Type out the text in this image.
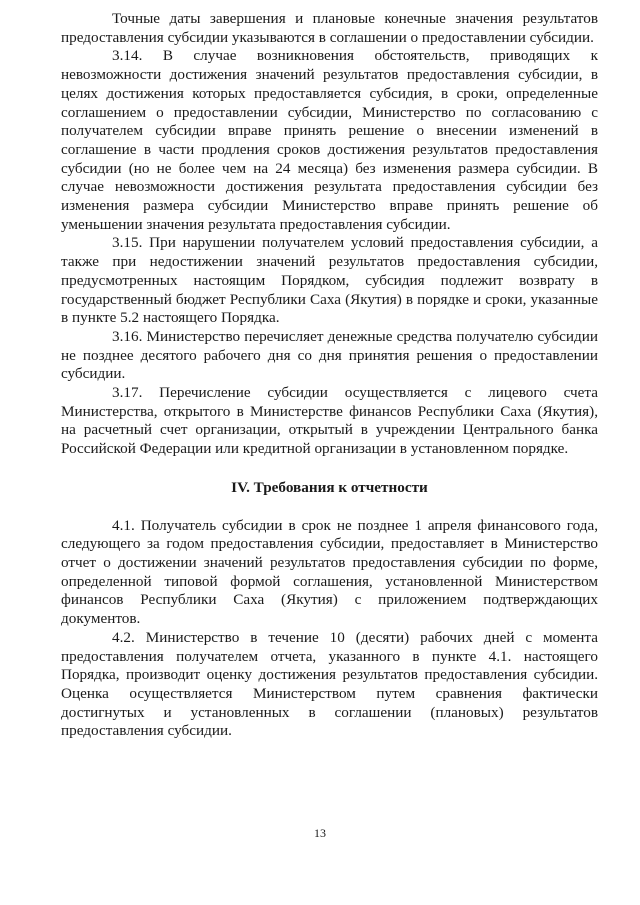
Точные даты завершения и плановые конечные значения результатов предоставления субсидии указываются в соглашении о предоставлении субсидии.

3.14. В случае возникновения обстоятельств, приводящих к невозможности достижения значений результатов предоставления субсидии, в целях достижения которых предоставляется субсидия, в сроки, определенные соглашением о предоставлении субсидии, Министерство по согласованию с получателем субсидии вправе принять решение о внесении изменений в соглашение в части продления сроков достижения результатов предоставления субсидии (но не более чем на 24 месяца) без изменения размера субсидии. В случае невозможности достижения результата предоставления субсидии без изменения размера субсидии Министерство вправе принять решение об уменьшении значения результата предоставления субсидии.

3.15. При нарушении получателем условий предоставления субсидии, а также при недостижении значений результатов предоставления субсидии, предусмотренных настоящим Порядком, субсидия подлежит возврату в государственный бюджет Республики Саха (Якутия) в порядке и сроки, указанные в пункте 5.2 настоящего Порядка.

3.16. Министерство перечисляет денежные средства получателю субсидии не позднее десятого рабочего дня со дня принятия решения о предоставлении субсидии.

3.17. Перечисление субсидии осуществляется с лицевого счета Министерства, открытого в Министерстве финансов Республики Саха (Якутия), на расчетный счет организации, открытый в учреждении Центрального банка Российской Федерации или кредитной организации в установленном порядке.

IV. Требования к отчетности

4.1. Получатель субсидии в срок не позднее 1 апреля финансового года, следующего за годом предоставления субсидии, предоставляет в Министерство отчет о достижении значений результатов предоставления субсидии по форме, определенной типовой формой соглашения, установленной Министерством финансов Республики Саха (Якутия) с приложением подтверждающих документов.

4.2. Министерство в течение 10 (десяти) рабочих дней с момента предоставления получателем отчета, указанного в пункте 4.1. настоящего Порядка, производит оценку достижения результатов предоставления субсидии. Оценка осуществляется Министерством путем сравнения фактически достигнутых и установленных в соглашении (плановых) результатов предоставления субсидии.

13
